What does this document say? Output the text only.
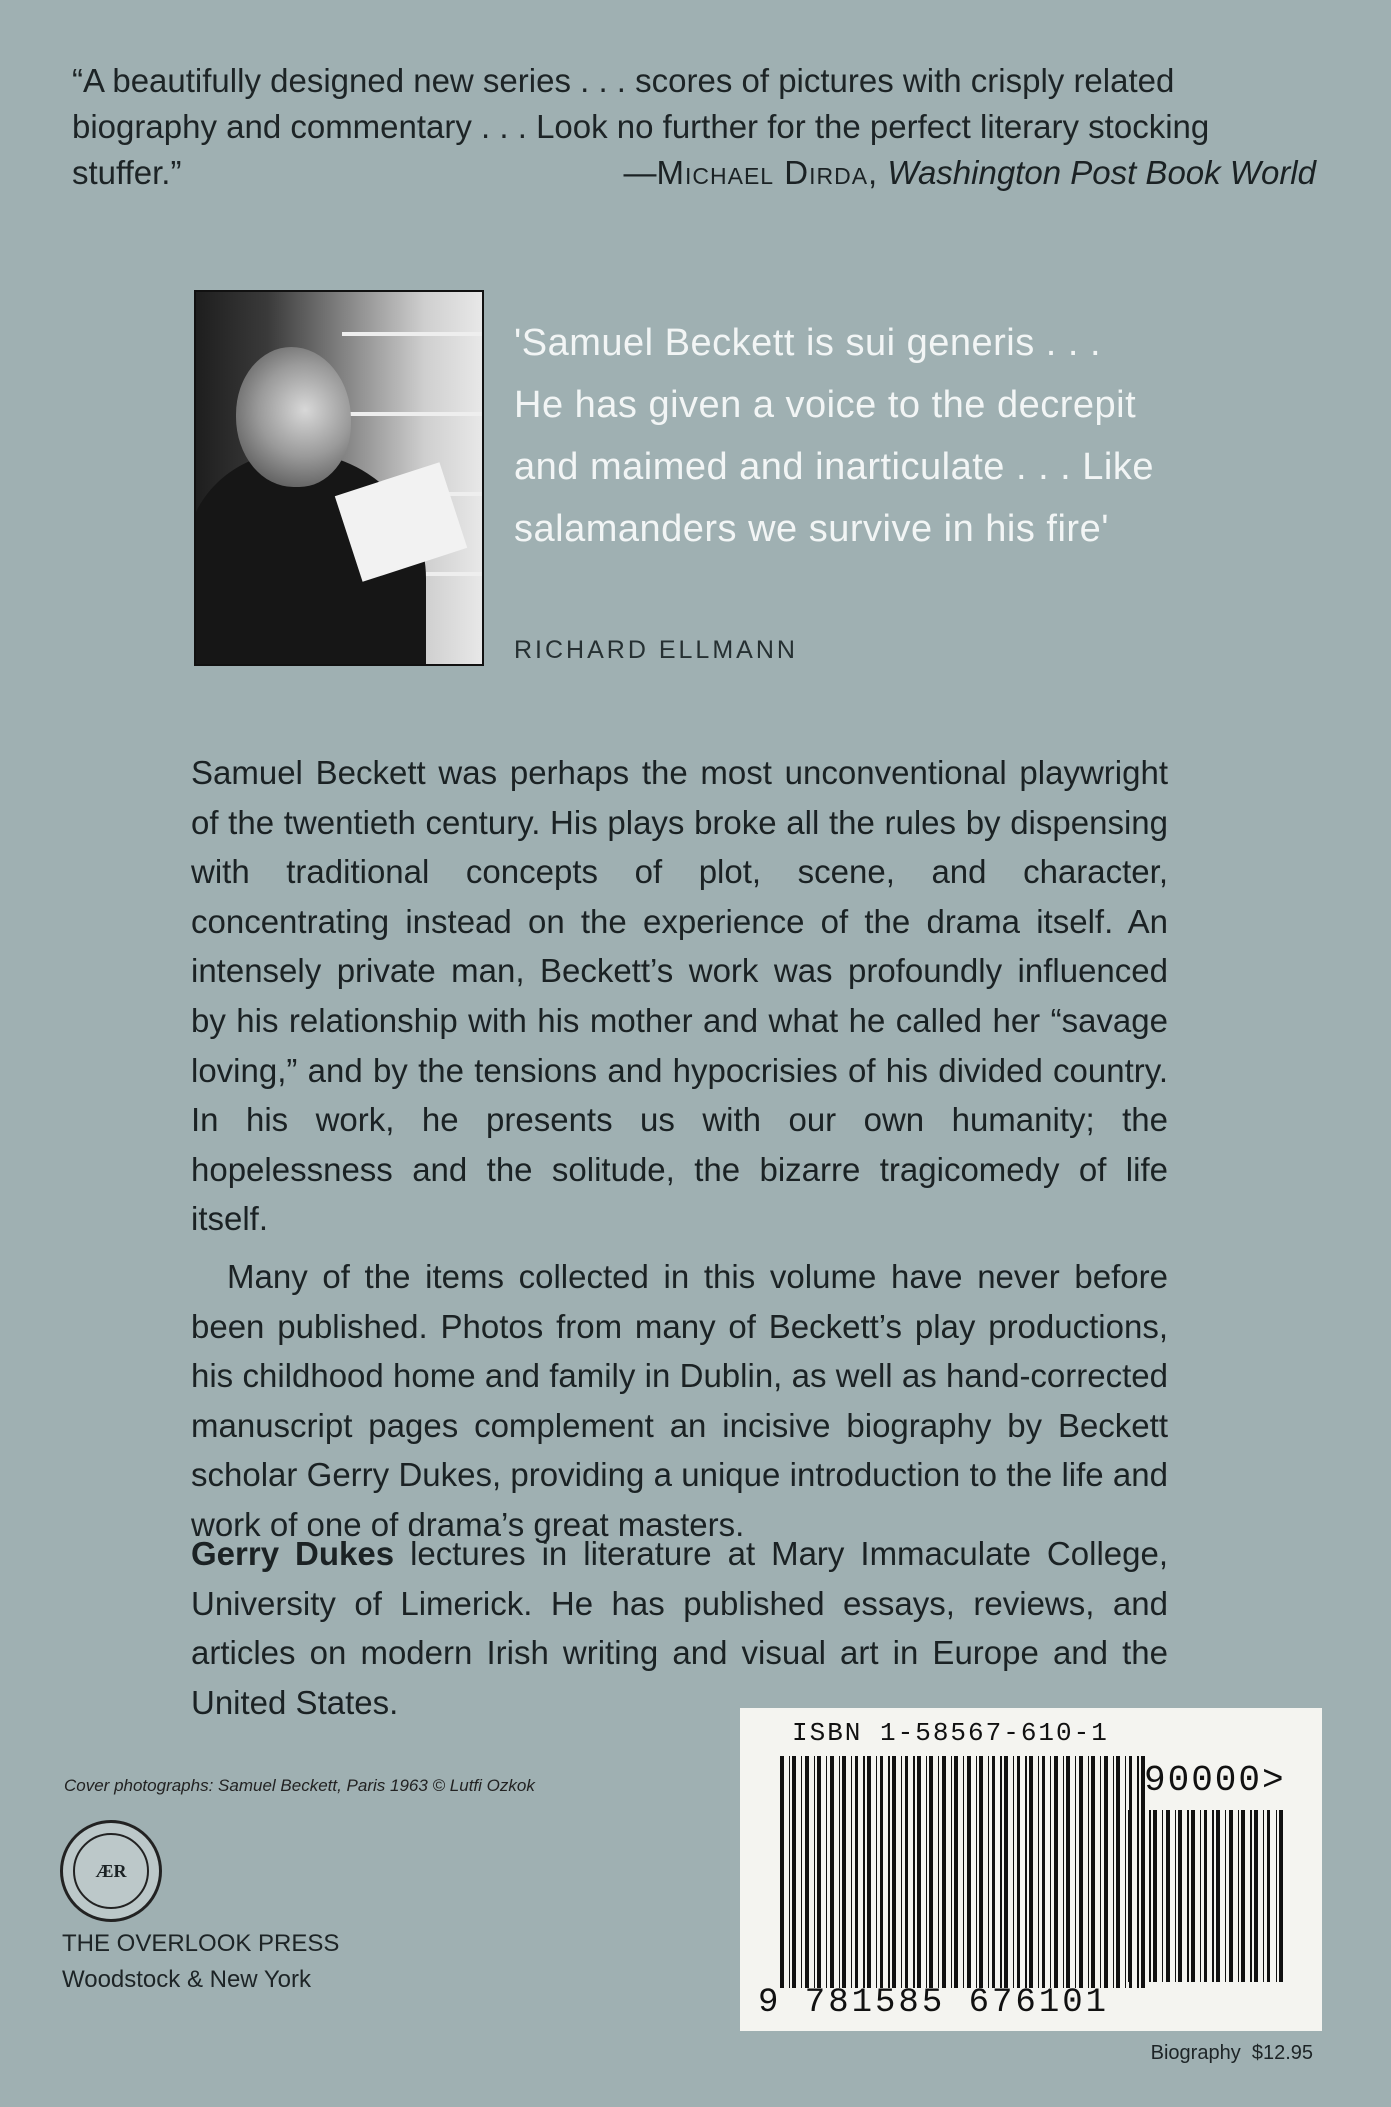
“A beautifully designed new series . . . scores of pictures with crisply related biography and commentary . . . Look no further for the perfect literary stocking stuffer.”	—Michael Dirda, Washington Post Book World
'Samuel Beckett is sui generis . . . He has given a voice to the decrepit and maimed and inarticulate . . . Like salamanders we survive in his fire'
RICHARD ELLMANN

Samuel Beckett was perhaps the most unconventional playwright of the twentieth century. His plays broke all the rules by dispensing with traditional concepts of plot, scene, and character, concentrating instead on the experience of the drama itself. An intensely private man, Beckett’s work was profoundly influenced by his relationship with his mother and what he called her “savage loving,” and by the tensions and hypocrisies of his divided country. In his work, he presents us with our own humanity; the hopelessness and the solitude, the bizarre tragicomedy of life itself.

Many of the items collected in this volume have never before been published. Photos from many of Beckett’s play productions, his childhood home and family in Dublin, as well as hand-corrected manuscript pages complement an incisive biography by Beckett scholar Gerry Dukes, providing a unique introduction to the life and work of one of drama’s great masters.

Gerry Dukes lectures in literature at Mary Immaculate College, University of Limerick. He has published essays, reviews, and articles on modern Irish writing and visual art in Europe and the United States.
Cover photographs: Samuel Beckett, Paris 1963 © Lutfi Ozkok
ÆR
THE OVERLOOK PRESS
Woodstock & New York
ISBN 1-58567-610-1
90000>
9 781585 676101
Biography $12.95
